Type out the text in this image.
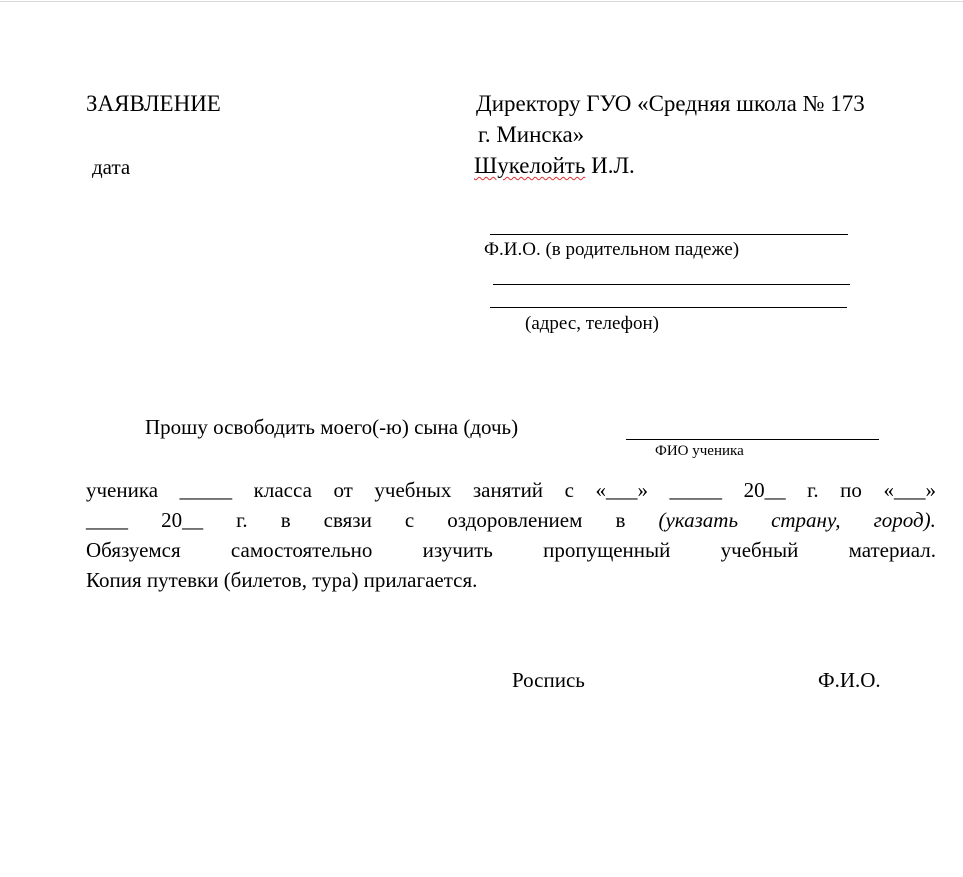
ЗАЯВЛЕНИЕ
дата
Директору ГУО «Средняя школа № 173
г. Минска»
Шукелойть И.Л.
Ф.И.О. (в родительном падеже)
(адрес, телефон)
Прошу освободить моего(-ю) сына (дочь)
ФИО ученика
ученика _____ класса от учебных занятий с «___» _____ 20__ г. по «___»
____ 20__ г. в связи с оздоровлением в (указать страну, город).
Обязуемся самостоятельно изучить пропущенный учебный материал.
Копия путевки (билетов, тура) прилагается.
Роспись	Ф.И.О.
